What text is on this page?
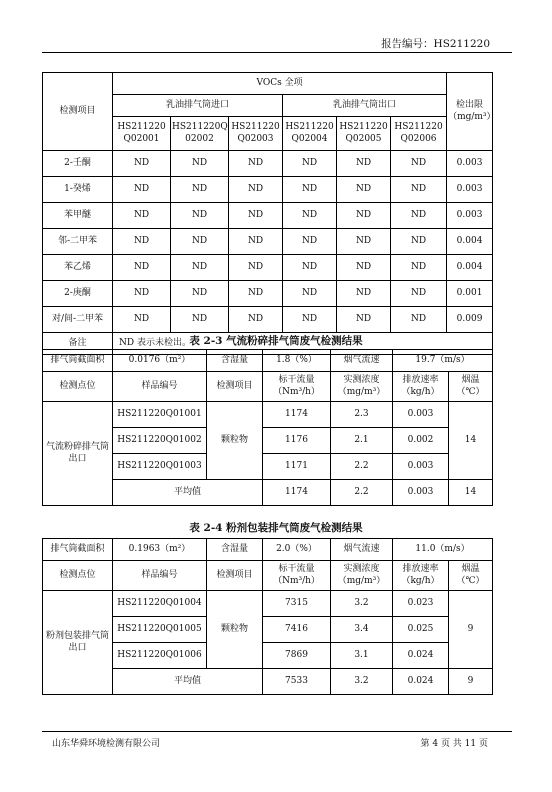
报告编号：HS211220
检测项目	VOCs 全项						检出限（mg/m³）
	乳油排气筒进口			乳油排气筒出口			
	HS211220 Q02001	HS211220Q 02002	HS211220 Q02003	HS211220 Q02004	HS211220 Q02005	HS211220 Q02006	
2-壬酮	ND	ND	ND	ND	ND	ND	0.003
1-癸烯	ND	ND	ND	ND	ND	ND	0.003
苯甲醚	ND	ND	ND	ND	ND	ND	0.003
邻-二甲苯	ND	ND	ND	ND	ND	ND	0.004
苯乙烯	ND	ND	ND	ND	ND	ND	0.004
2-庚酮	ND	ND	ND	ND	ND	ND	0.001
对/间-二甲苯	ND	ND	ND	ND	ND	ND	0.009
备注	ND 表示未检出。						
表 2-3 气流粉碎排气筒废气检测结果
排气筒截面积	0.0176（m²）	含湿量	1.8（%）	烟气流速	19.7（m/s）	
检测点位	样品编号	检测项目	标干流量（Nm³/h）	实测浓度（mg/m³）	排放速率（kg/h）	烟温（℃）
气流粉碎排气筒出口	HS211220Q01001	颗粒物	1174	2.3	0.003	14
	HS211220Q01002		1176	2.1	0.002	
	HS211220Q01003		1171	2.2	0.003	
	平均值		1174	2.2	0.003	14
表 2-4 粉剂包装排气筒废气检测结果
排气筒截面积	0.1963（m²）	含湿量	2.0（%）	烟气流速	11.0（m/s）	
检测点位	样品编号	检测项目	标干流量（Nm³/h）	实测浓度（mg/m³）	排放速率（kg/h）	烟温（℃）
粉剂包装排气筒出口	HS211220Q01004	颗粒物	7315	3.2	0.023	9
	HS211220Q01005		7416	3.4	0.025	
	HS211220Q01006		7869	3.1	0.024	
	平均值		7533	3.2	0.024	9
山东华舜环境检测有限公司	第 4 页 共 11 页
